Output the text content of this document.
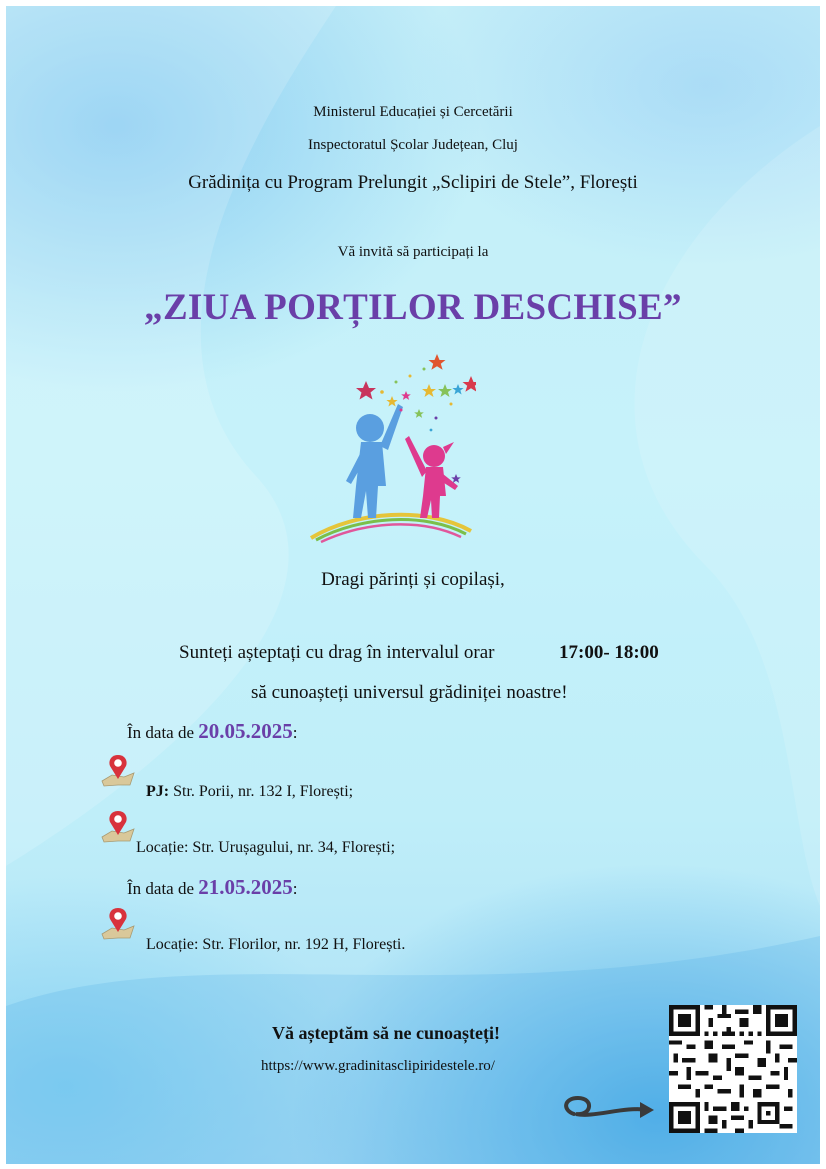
Ministerul Educației și Cercetării
Inspectoratul Școlar Județean, Cluj
Grădinița cu Program Prelungit „Sclipiri de Stele”, Florești
Vă invită să participați la
„ZIUA PORȚILOR DESCHISE”
Dragi părinți și copilași,
Sunteți așteptați cu drag în intervalul orar	17:00- 18:00
să cunoașteți universul grădiniței noastre!
În data de 20.05.2025:
PJ: Str. Porii, nr. 132 I, Florești;
Locație: Str. Urușagului, nr. 34, Florești;
În data de 21.05.2025:
Locație: Str. Florilor, nr. 192 H, Florești.
Vă așteptăm să ne cunoașteți!
https://www.gradinitasclipiridestele.ro/
